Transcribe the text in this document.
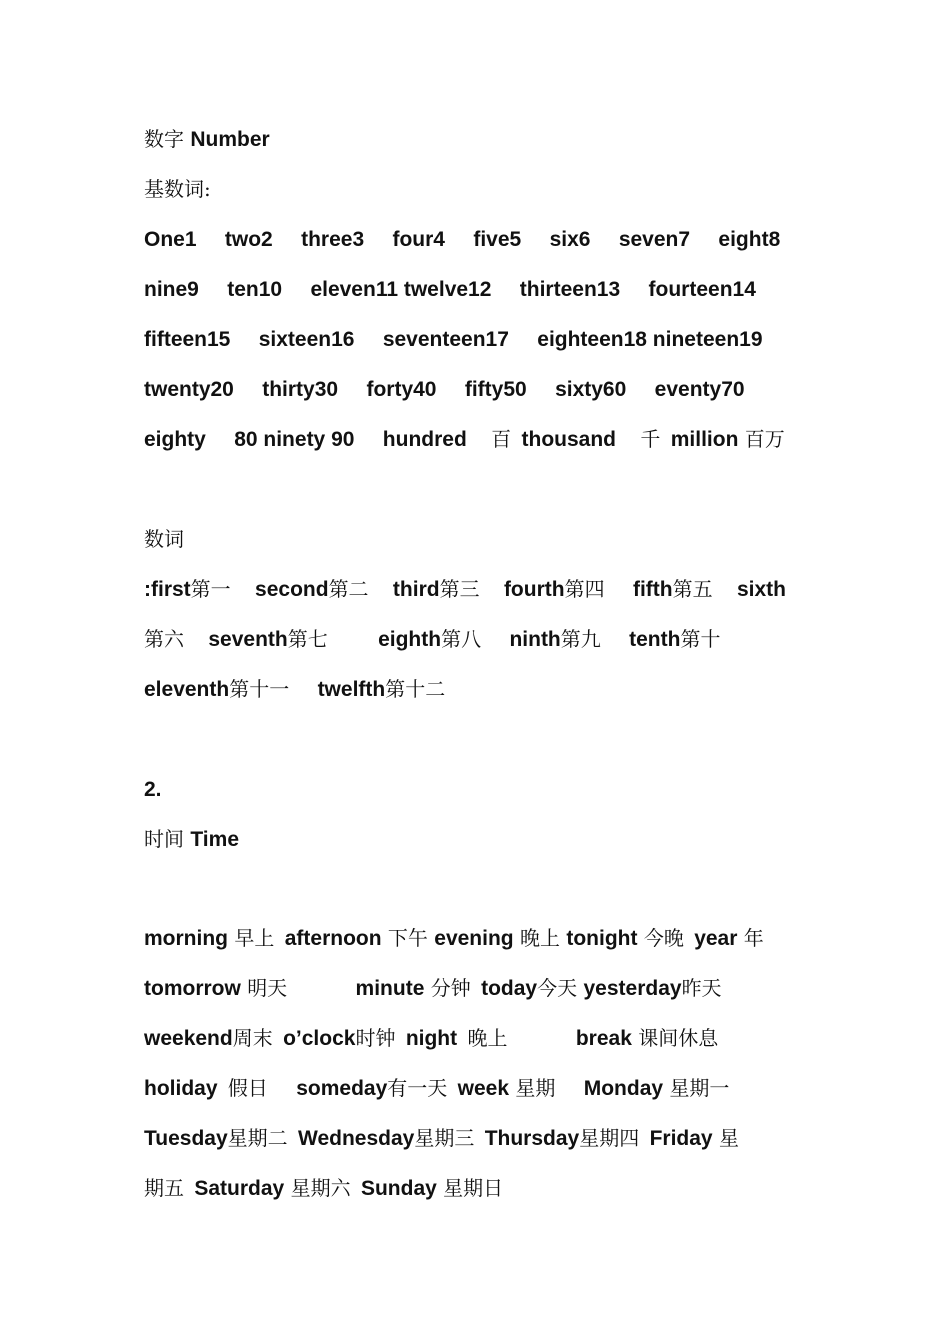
数字 Number
基数词:
One1 two2 three3 four4 five5 six6 seven7 eight8
nine9 ten10 eleven11 twelve12 thirteen13 fourteen14
fifteen15 sixteen16 seventeen17 eighteen18 nineteen19
twenty20 thirty30 forty40 fifty50 sixty60 eventy70
eighty 80 ninety 90 hundred 百 thousand 千 million 百万
数词
:first第一 second第二 third第三 fourth第四 fifth第五 sixth
第六 seventh第七 eighth第八 ninth第九 tenth第十
eleventh第十一 twelfth第十二
2.
时间 Time
morning 早上 afternoon 下午 evening 晚上 tonight 今晚 year 年
tomorrow 明天	minute 分钟 today今天 yesterday昨天
weekend周末 o’clock时钟 night 晚上	break 课间休息
holiday 假日 someday有一天 week 星期 Monday 星期一
Tuesday星期二 Wednesday星期三 Thursday星期四 Friday 星
期五 Saturday 星期六 Sunday 星期日
